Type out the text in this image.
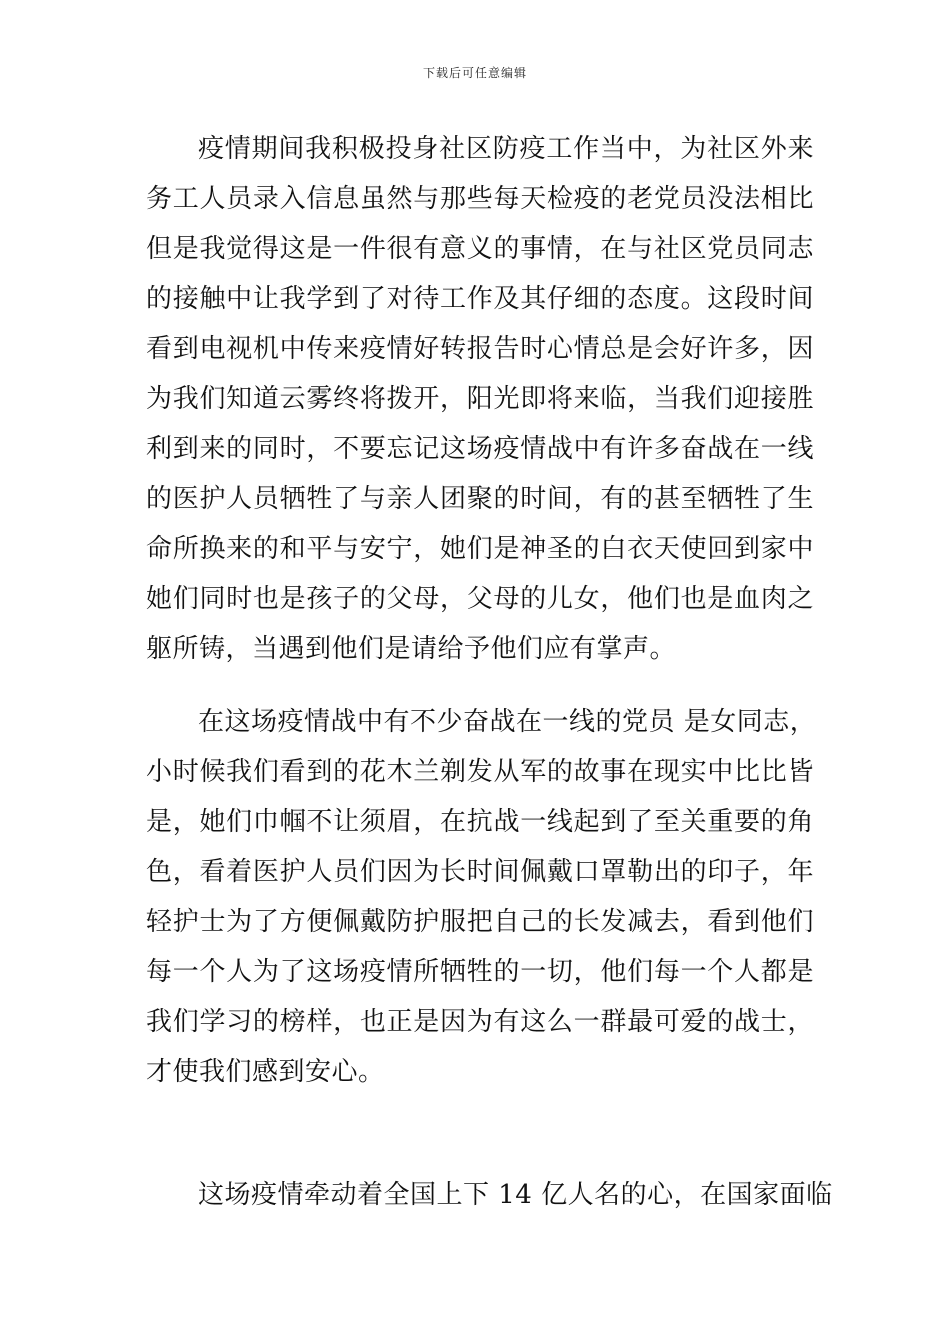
下载后可任意编辑
疫情期间我积极投身社区防疫工作当中，为社区外来
务工人员录入信息虽然与那些每天检疫的老党员没法相比
但是我觉得这是一件很有意义的事情，在与社区党员同志
的接触中让我学到了对待工作及其仔细的态度。这段时间
看到电视机中传来疫情好转报告时心情总是会好许多，因
为我们知道云雾终将拨开，阳光即将来临，当我们迎接胜
利到来的同时，不要忘记这场疫情战中有许多奋战在一线
的医护人员牺牲了与亲人团聚的时间，有的甚至牺牲了生
命所换来的和平与安宁，她们是神圣的白衣天使回到家中
她们同时也是孩子的父母，父母的儿女，他们也是血肉之
躯所铸，当遇到他们是请给予他们应有掌声。
在这场疫情战中有不少奋战在一线的党员 是女同志，
小时候我们看到的花木兰剃发从军的故事在现实中比比皆
是，她们巾帼不让须眉，在抗战一线起到了至关重要的角
色，看着医护人员们因为长时间佩戴口罩勒出的印子，年
轻护士为了方便佩戴防护服把自己的长发减去，看到他们
每一个人为了这场疫情所牺牲的一切，他们每一个人都是
我们学习的榜样，也正是因为有这么一群最可爱的战士，
才使我们感到安心。
这场疫情牵动着全国上下 14 亿人名的心，在国家面临
